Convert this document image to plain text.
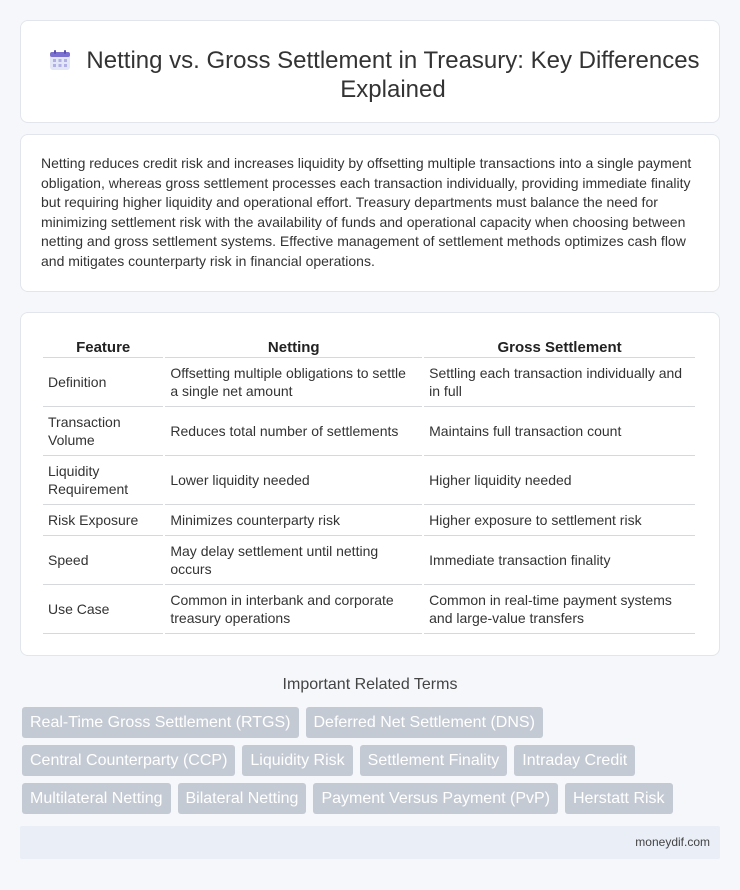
Netting vs. Gross Settlement in Treasury: Key Differences Explained

Netting reduces credit risk and increases liquidity by offsetting multiple transactions into a single payment obligation, whereas gross settlement processes each transaction individually, providing immediate finality but requiring higher liquidity and operational effort. Treasury departments must balance the need for minimizing settlement risk with the availability of funds and operational capacity when choosing between netting and gross settlement systems. Effective management of settlement methods optimizes cash flow and mitigates counterparty risk in financial operations.

Feature	Netting	Gross Settlement
Definition	Offsetting multiple obligations to settle a single net amount	Settling each transaction individually and in full
Transaction Volume	Reduces total number of settlements	Maintains full transaction count
Liquidity Requirement	Lower liquidity needed	Higher liquidity needed
Risk Exposure	Minimizes counterparty risk	Higher exposure to settlement risk
Speed	May delay settlement until netting occurs	Immediate transaction finality
Use Case	Common in interbank and corporate treasury operations	Common in real-time payment systems and large-value transfers
Important Related Terms
Real-Time Gross Settlement (RTGS)	Deferred Net Settlement (DNS)
Central Counterparty (CCP)	Liquidity Risk	Settlement Finality	Intraday Credit
Multilateral Netting	Bilateral Netting	Payment Versus Payment (PvP)	Herstatt Risk
moneydif.com
